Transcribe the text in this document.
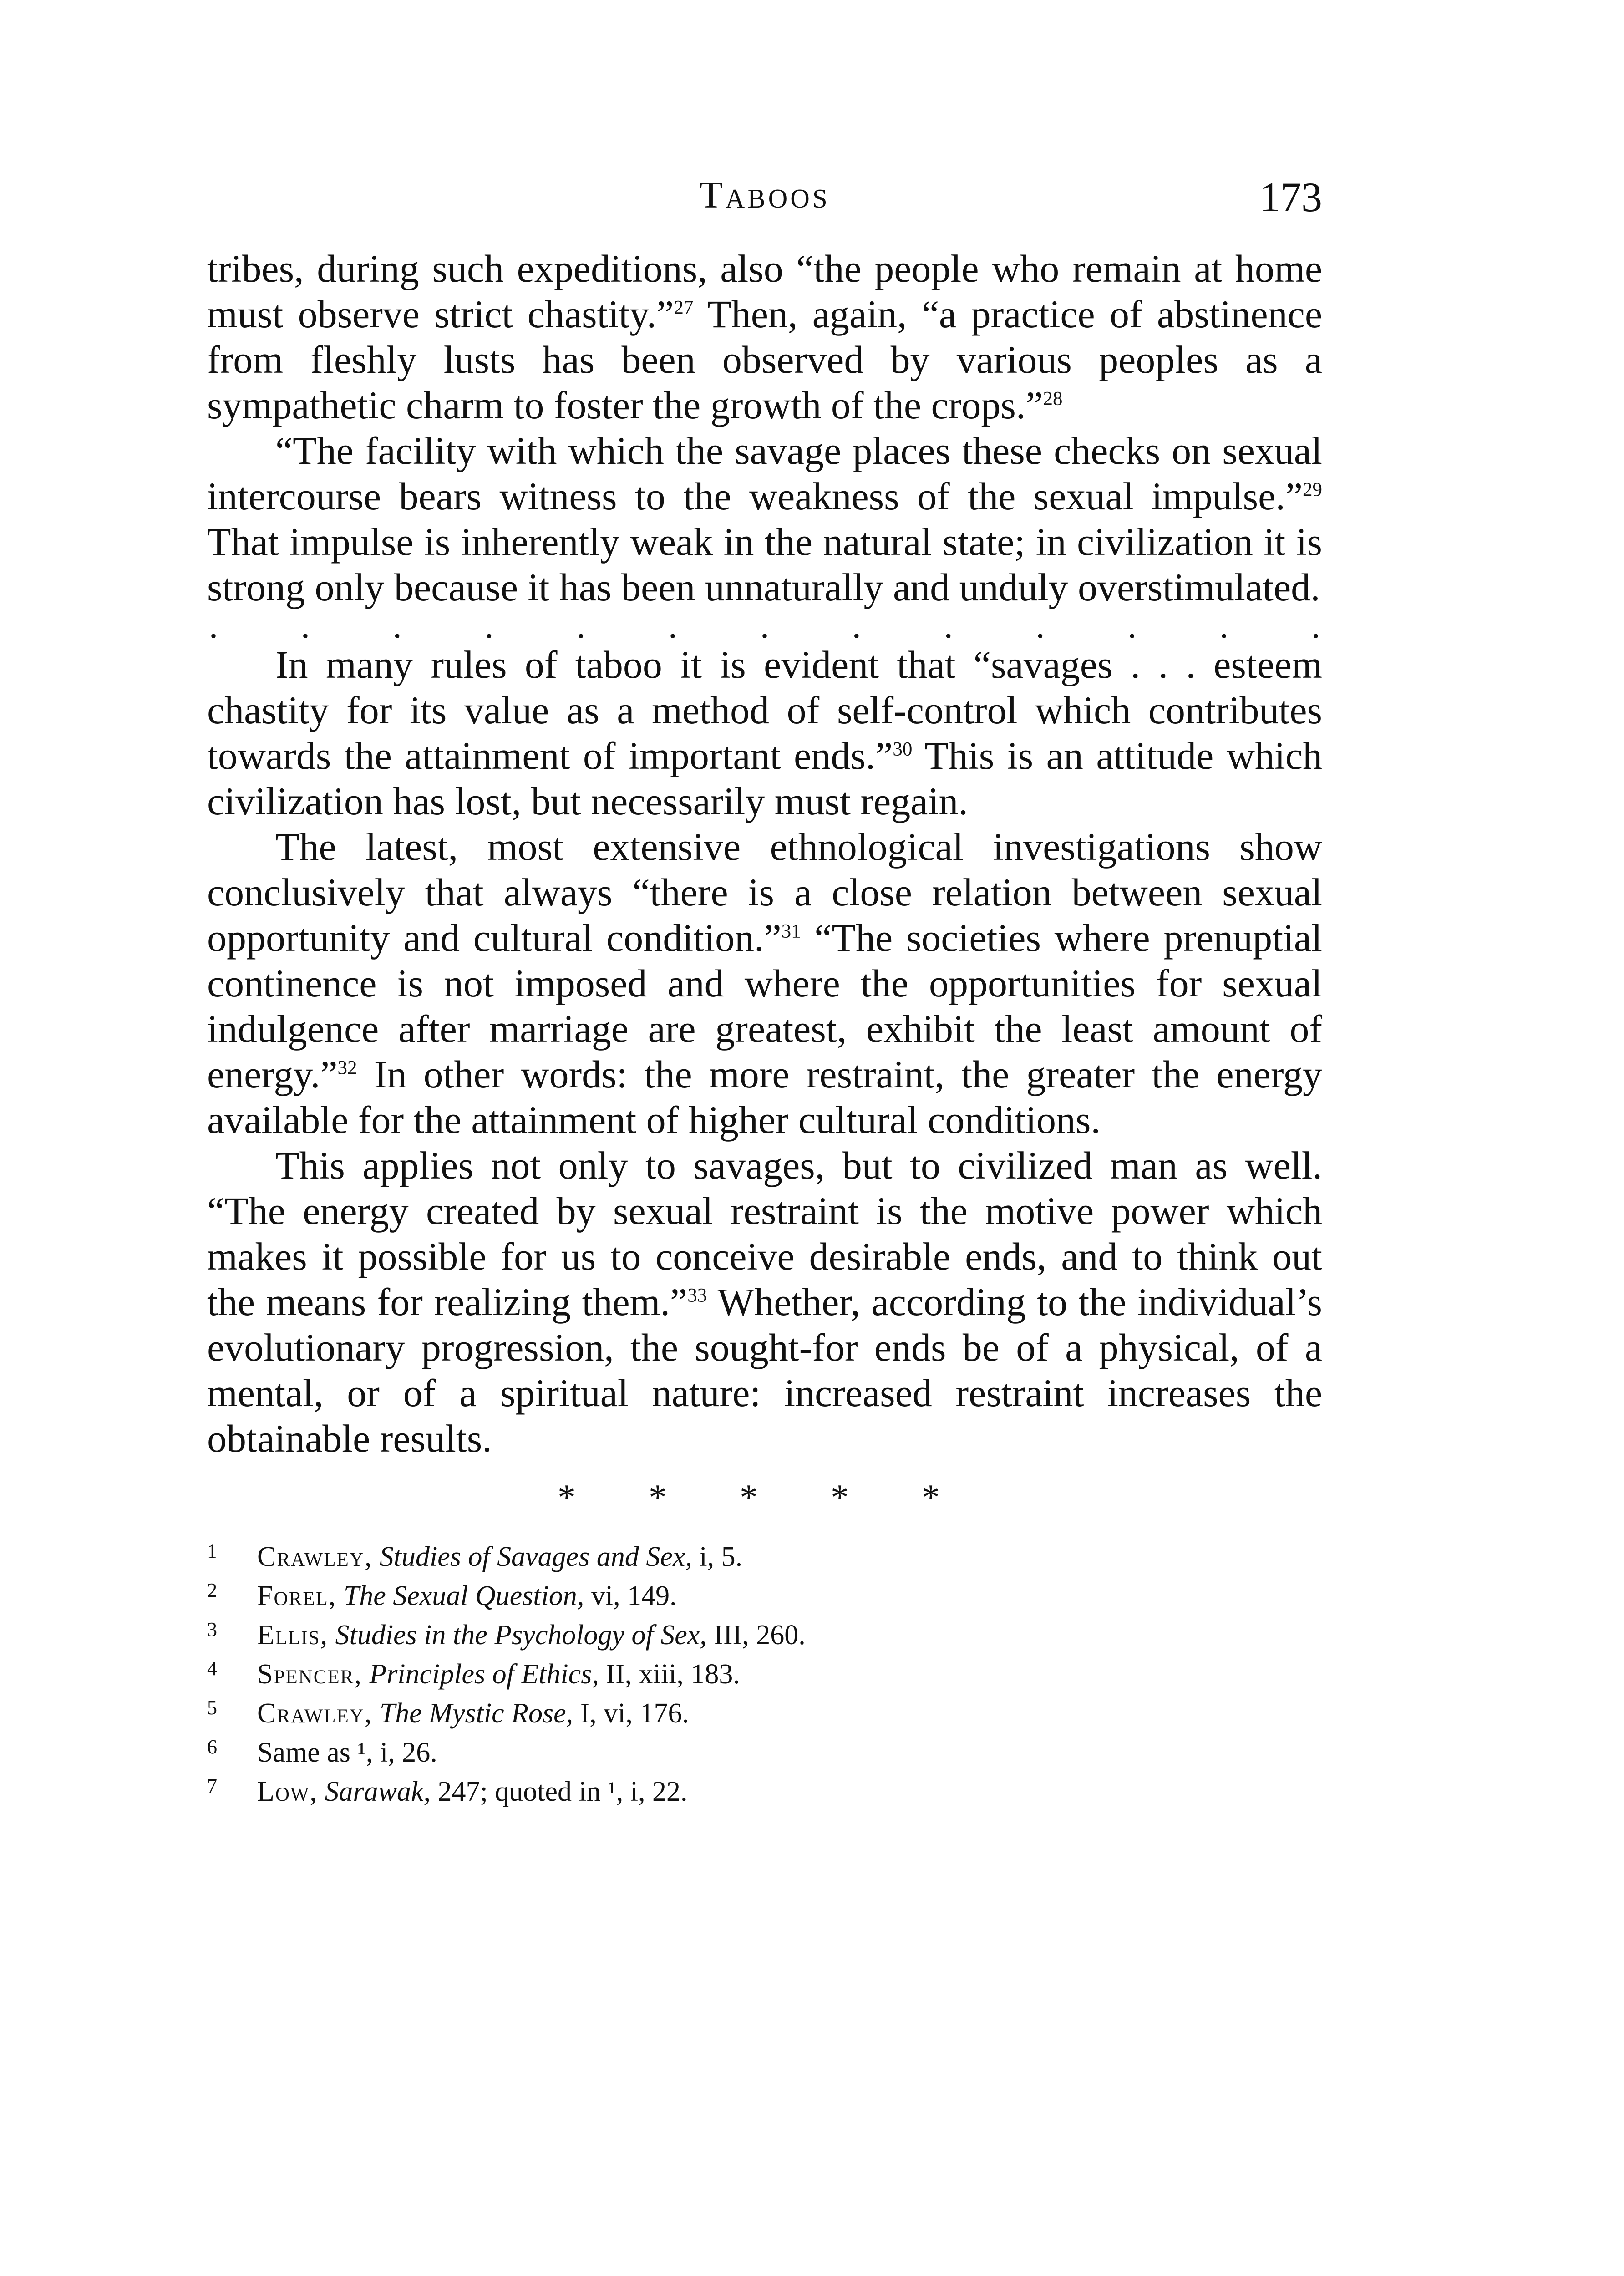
Taboos	173

tribes, during such expeditions, also “the people who remain at home must observe strict chastity.”$^{27}$ Then, again, “a practice of abstinence from fleshly lusts has been observed by various peoples as a sympathetic charm to foster the growth of the crops.”$^{28}$

“The facility with which the savage places these checks on sexual intercourse bears witness to the weakness of the sexual impulse.”$^{29}$ That impulse is inherently weak in the natural state; in civilization it is strong only because it has been unnaturally and unduly overstimulated.

. . . . . . . . . . . . .

In many rules of taboo it is evident that “savages . . . esteem chastity for its value as a method of self-control which contributes towards the attainment of important ends.”$^{30}$ This is an attitude which civilization has lost, but necessarily must regain.

The latest, most extensive ethnological investigations show conclusively that always “there is a close relation between sexual opportunity and cultural condition.”$^{31}$ “The societies where prenuptial continence is not imposed and where the opportunities for sexual indulgence after marriage are greatest, exhibit the least amount of energy.”$^{32}$ In other words: the more restraint, the greater the energy available for the attainment of higher cultural conditions.

This applies not only to savages, but to civilized man as well. “The energy created by sexual restraint is the motive power which makes it possible for us to conceive desirable ends, and to think out the means for realizing them.”$^{33}$ Whether, according to the individual’s evolutionary progression, the sought-for ends be of a physical, of a mental, or of a spiritual nature: increased restraint increases the obtainable results.

* * * * *
1	Crawley, Studies of Savages and Sex, i, 5.
2	Forel, The Sexual Question, vi, 149.
3	Ellis, Studies in the Psychology of Sex, III, 260.
4	Spencer, Principles of Ethics, II, xiii, 183.
5	Crawley, The Mystic Rose, I, vi, 176.
6	Same as ¹, i, 26.
7	Low, Sarawak, 247; quoted in ¹, i, 22.
